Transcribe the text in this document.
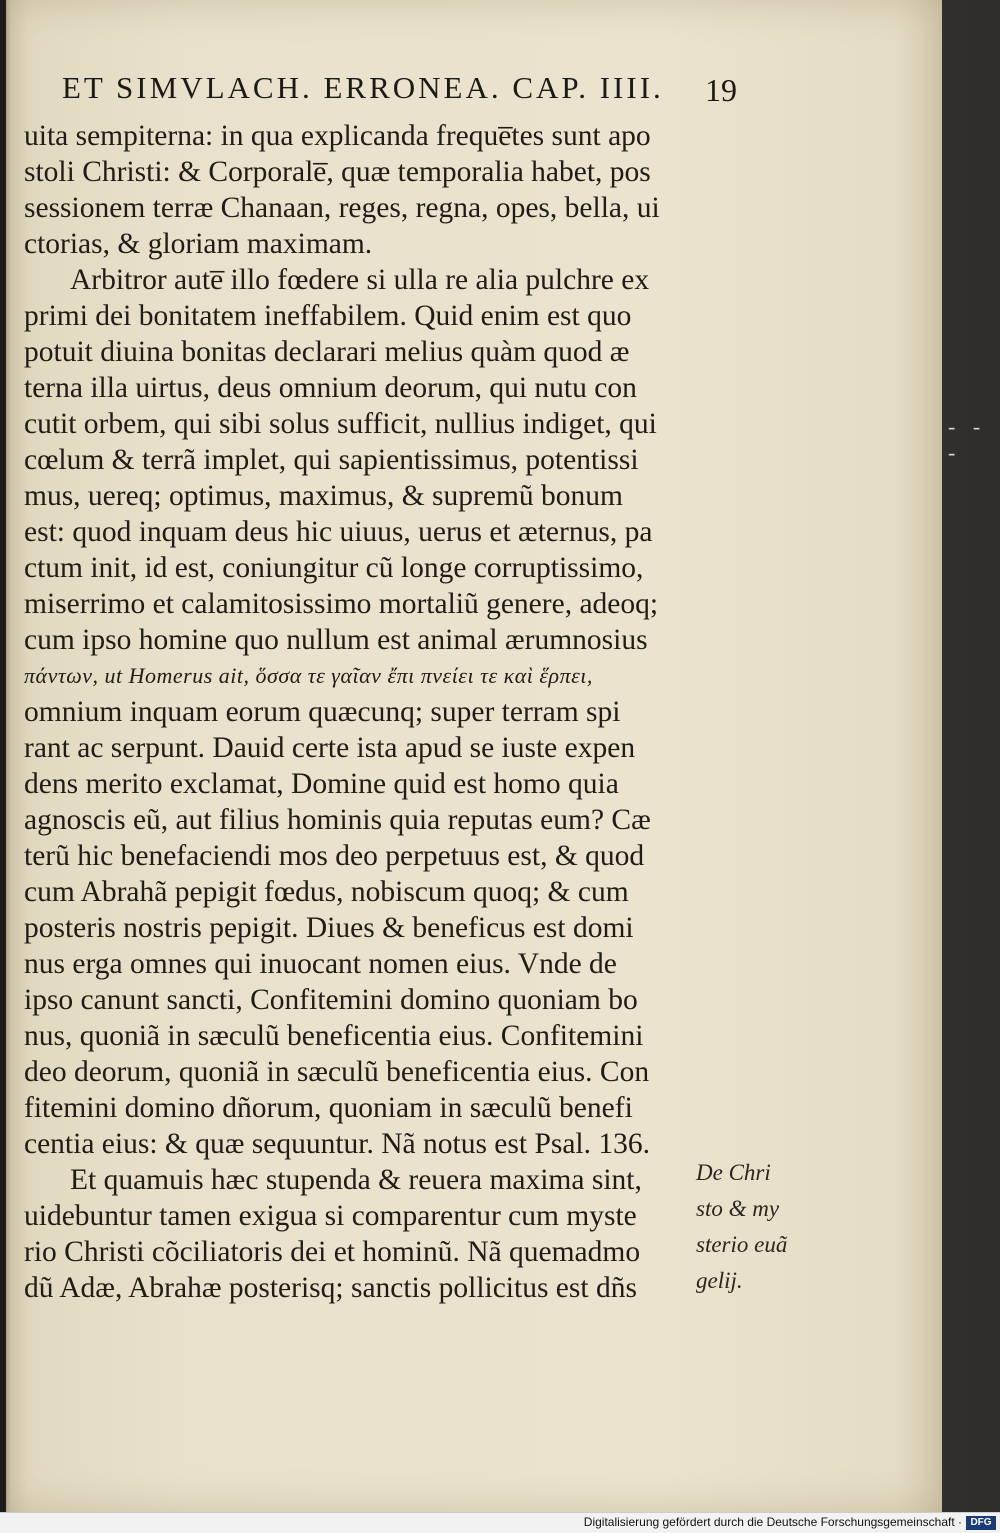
ET SIMVLACH. ERRONEA. CAP. IIII.	19
uita sempiterna: in qua explicanda freque̅tes sunt apo
stoli Christi: & Corporale̅, quæ temporalia habet, pos
sessionem terræ Chanaan, reges, regna, opes, bella, ui
ctorias, & gloriam maximam.
Arbitror aute̅ illo fœdere si ulla re alia pulchre ex
primi dei bonitatem ineffabilem. Quid enim est quo
potuit diuina bonitas declarari melius quàm quod æ
terna illa uirtus, deus omnium deorum, qui nutu con
cutit orbem, qui sibi solus sufficit, nullius indiget, qui
cœlum & terrã implet, qui sapientissimus, potentissi
mus, uereq; optimus, maximus, & supremũ bonum
est: quod inquam deus hic uiuus, uerus et æternus, pa
ctum init, id est, coniungitur cũ longe corruptissimo,
miserrimo et calamitosissimo mortaliũ genere, adeoq;
cum ipso homine quo nullum est animal ærumnosius
πάντων, ut Homerus ait, ὅσσα τε γαῖαν ἔπι πνείει τε καὶ ἕρπει,
omnium inquam eorum quæcunq; super terram spi
rant ac serpunt. Dauid certe ista apud se iuste expen
dens merito exclamat, Domine quid est homo quia
agnoscis eũ, aut filius hominis quia reputas eum? Cæ
terũ hic benefaciendi mos deo perpetuus est, & quod
cum Abrahã pepigit fœdus, nobiscum quoq; & cum
posteris nostris pepigit. Diues & beneficus est domi
nus erga omnes qui inuocant nomen eius. Vnde de
ipso canunt sancti, Confitemini domino quoniam bo
nus, quoniã in sæculũ beneficentia eius. Confitemini
deo deorum, quoniã in sæculũ beneficentia eius. Con
fitemini domino dñorum, quoniam in sæculũ benefi
centia eius: & quæ sequuntur. Nã notus est Psal. 136.
Et quamuis hæc stupenda & reuera maxima sint,
uidebuntur tamen exigua si comparentur cum myste
rio Christi cõciliatoris dei et hominũ. Nã quemadmo
dũ Adæ, Abrahæ posterisq; sanctis pollicitus est dñs
De Chri
sto & my
sterio euã
gelij.
- - -
Digitalisierung gefördert durch die Deutsche Forschungsgemeinschaft · DFG
